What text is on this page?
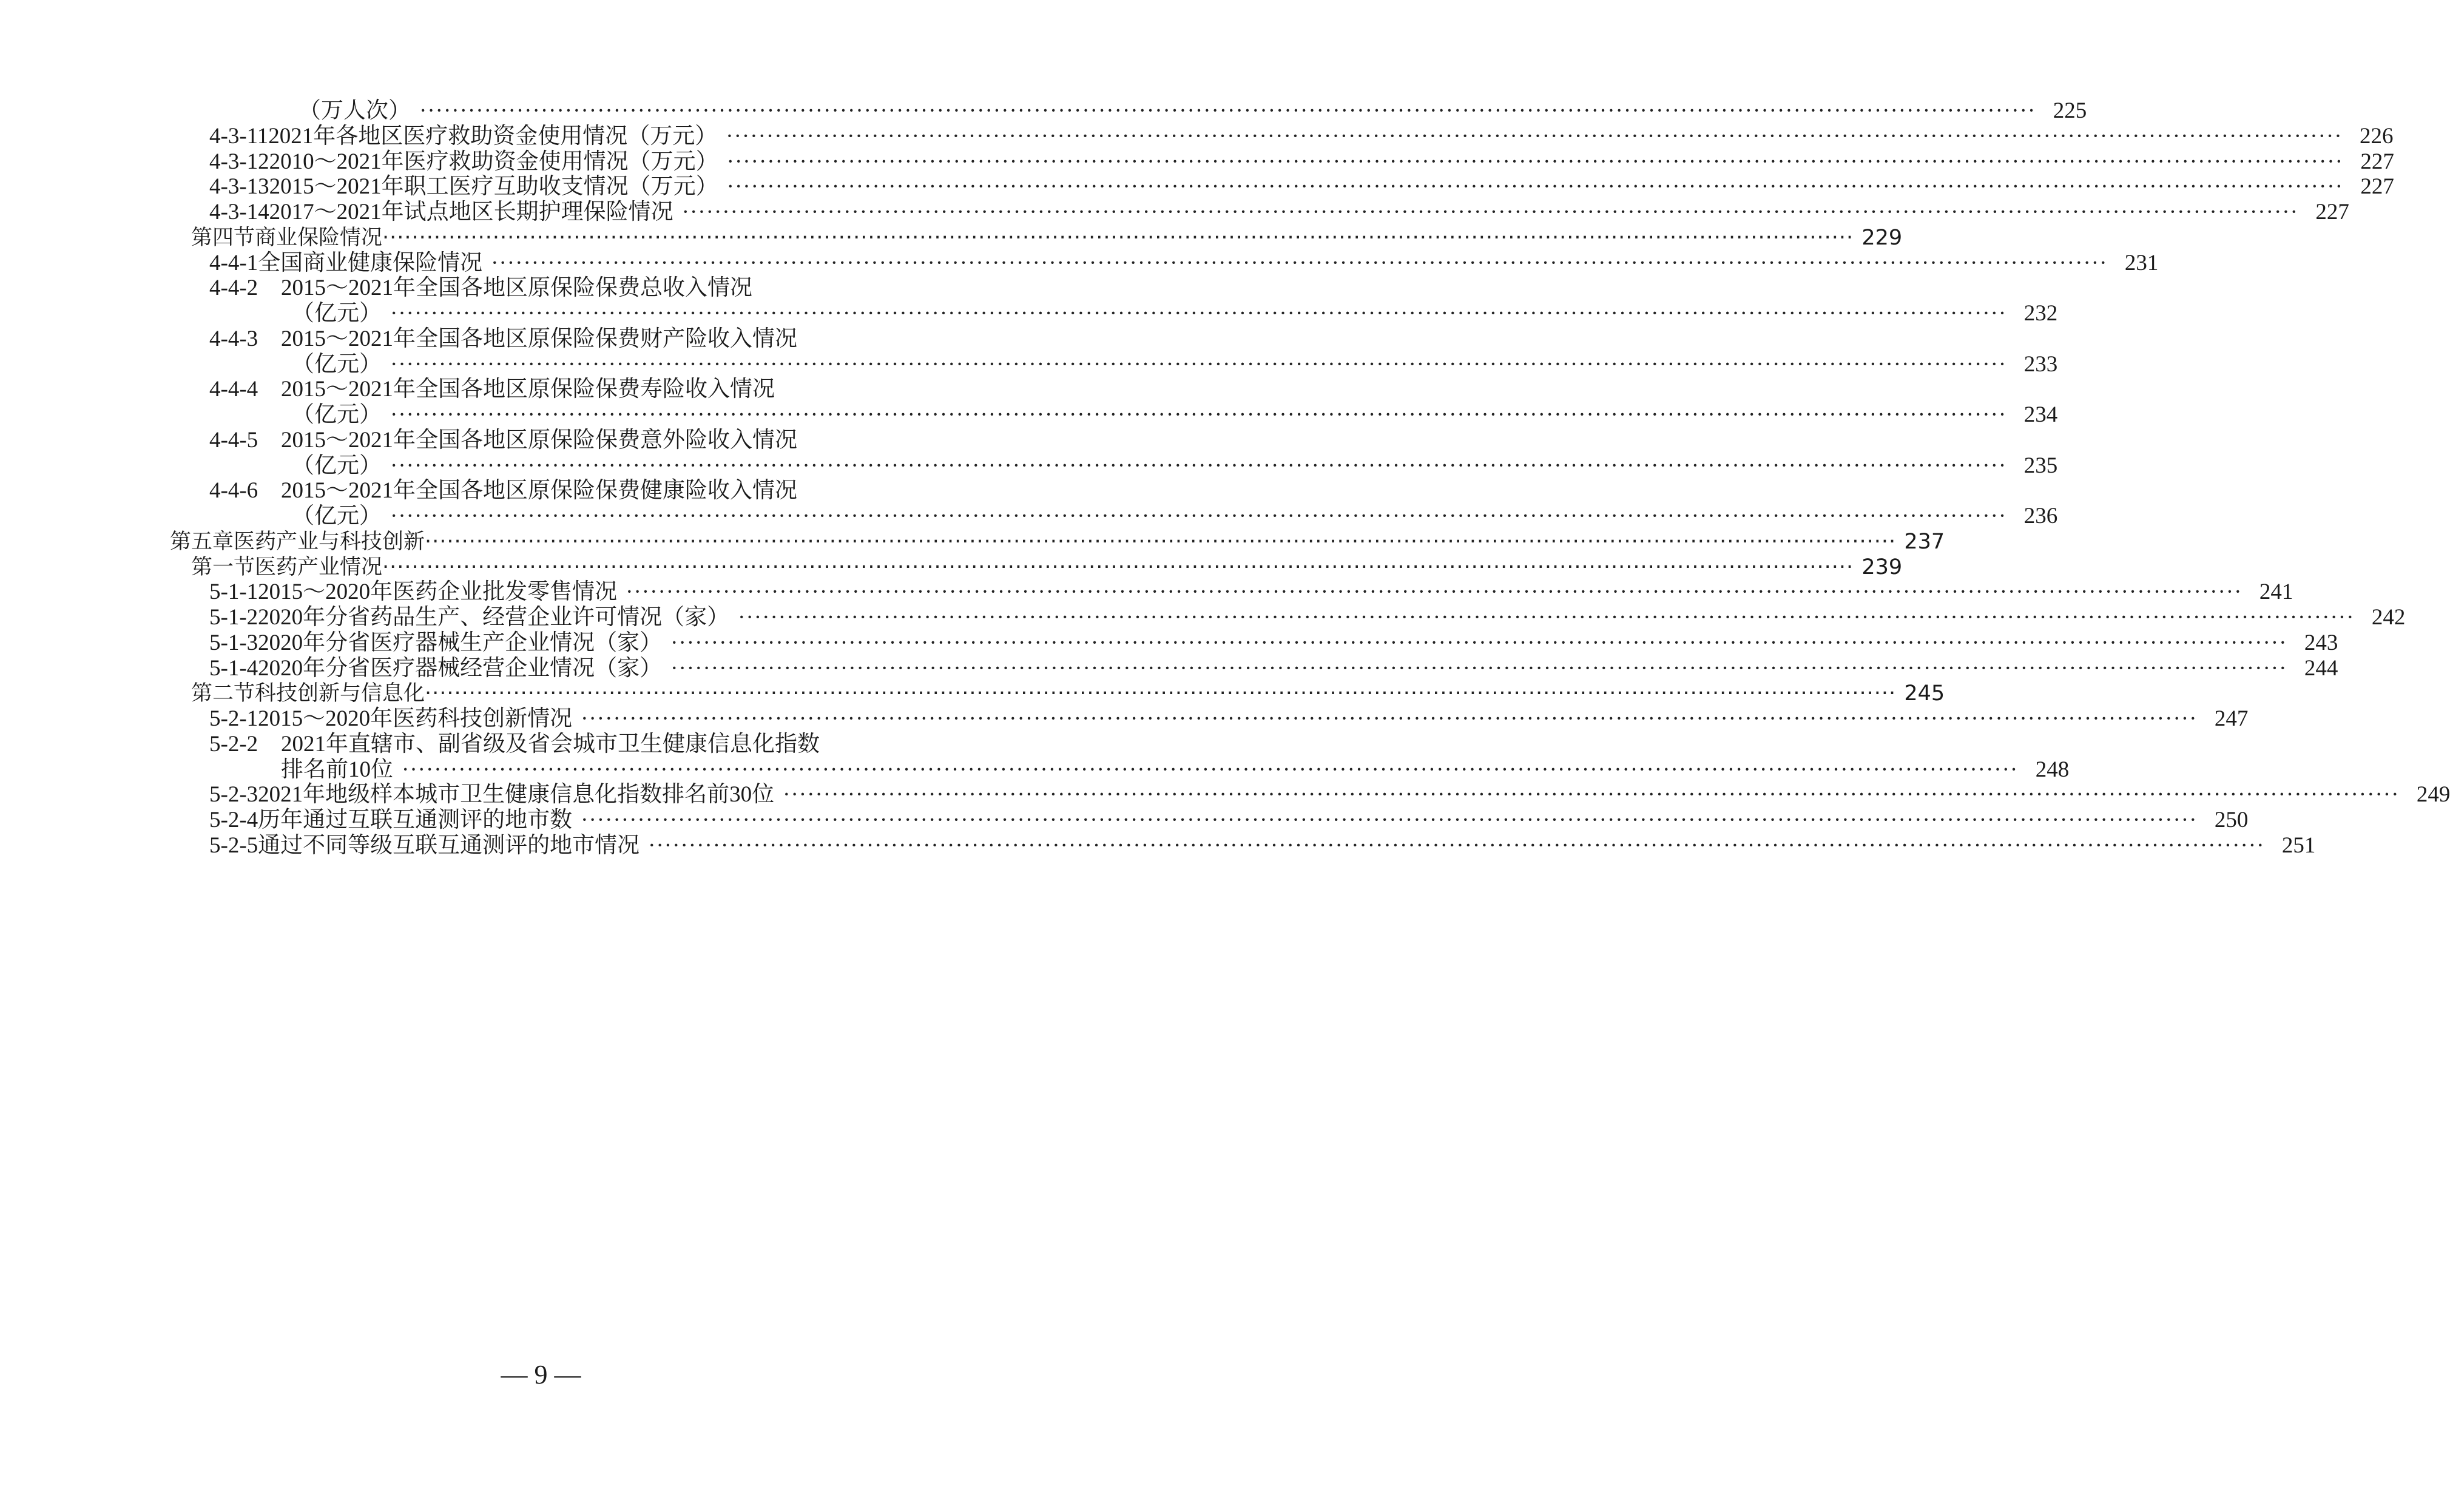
（万人次） ········································································································································································································ 225
4-3-11 2021年各地区医疗救助资金使用情况（万元） ········································································································································································································ 226
4-3-12 2010～2021年医疗救助资金使用情况（万元） ········································································································································································································ 227
4-3-13 2015～2021年职工医疗互助收支情况（万元） ········································································································································································································ 227
4-3-14 2017～2021年试点地区长期护理保险情况 ········································································································································································································ 227
第四节 商业保险情况 ········································································································································································································ 229
4-4-1 全国商业健康保险情况 ········································································································································································································ 231
4-4-2	2015～2021年全国各地区原保险保费总收入情况
（亿元） ········································································································································································································ 232
4-4-3	2015～2021年全国各地区原保险保费财产险收入情况
（亿元） ········································································································································································································ 233
4-4-4	2015～2021年全国各地区原保险保费寿险收入情况
（亿元） ········································································································································································································ 234
4-4-5	2015～2021年全国各地区原保险保费意外险收入情况
（亿元） ········································································································································································································ 235
4-4-6	2015～2021年全国各地区原保险保费健康险收入情况
（亿元） ········································································································································································································ 236
第五章 医药产业与科技创新 ········································································································································································································ 237
第一节 医药产业情况 ········································································································································································································ 239
5-1-1 2015～2020年医药企业批发零售情况 ········································································································································································································ 241
5-1-2 2020年分省药品生产、经营企业许可情况（家） ········································································································································································································ 242
5-1-3 2020年分省医疗器械生产企业情况（家） ········································································································································································································ 243
5-1-4 2020年分省医疗器械经营企业情况（家） ········································································································································································································ 244
第二节 科技创新与信息化 ········································································································································································································ 245
5-2-1 2015～2020年医药科技创新情况 ········································································································································································································ 247
5-2-2	2021年直辖市、副省级及省会城市卫生健康信息化指数
排名前10位 ········································································································································································································ 248
5-2-3 2021年地级样本城市卫生健康信息化指数排名前30位 ········································································································································································································ 249
5-2-4 历年通过互联互通测评的地市数 ········································································································································································································ 250
5-2-5 通过不同等级互联互通测评的地市情况 ········································································································································································································ 251
— 9 —
